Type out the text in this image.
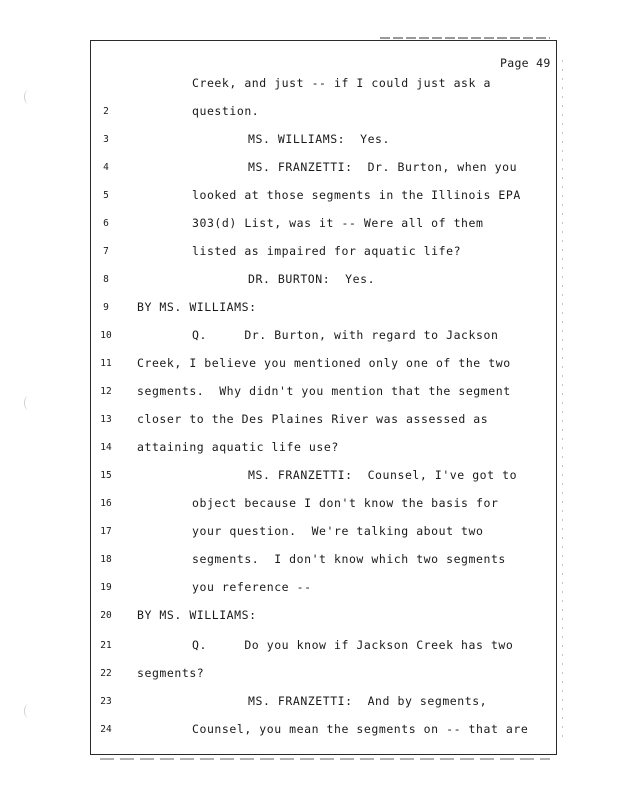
Page 49
Creek, and just -- if I could just ask a
2	question.
3	MS. WILLIAMS:  Yes.
4	MS. FRANZETTI:  Dr. Burton, when you
5	looked at those segments in the Illinois EPA
6	303(d) List, was it -- Were all of them
7	listed as impaired for aquatic life?
8	DR. BURTON:  Yes.
9	BY MS. WILLIAMS:
10	Q.     Dr. Burton, with regard to Jackson
11	Creek, I believe you mentioned only one of the two
12	segments.  Why didn't you mention that the segment
13	closer to the Des Plaines River was assessed as
14	attaining aquatic life use?
15	MS. FRANZETTI:  Counsel, I've got to
16	object because I don't know the basis for
17	your question.  We're talking about two
18	segments.  I don't know which two segments
19	you reference --
20	BY MS. WILLIAMS:
21	Q.     Do you know if Jackson Creek has two
22	segments?
23	MS. FRANZETTI:  And by segments,
24	Counsel, you mean the segments on -- that are
